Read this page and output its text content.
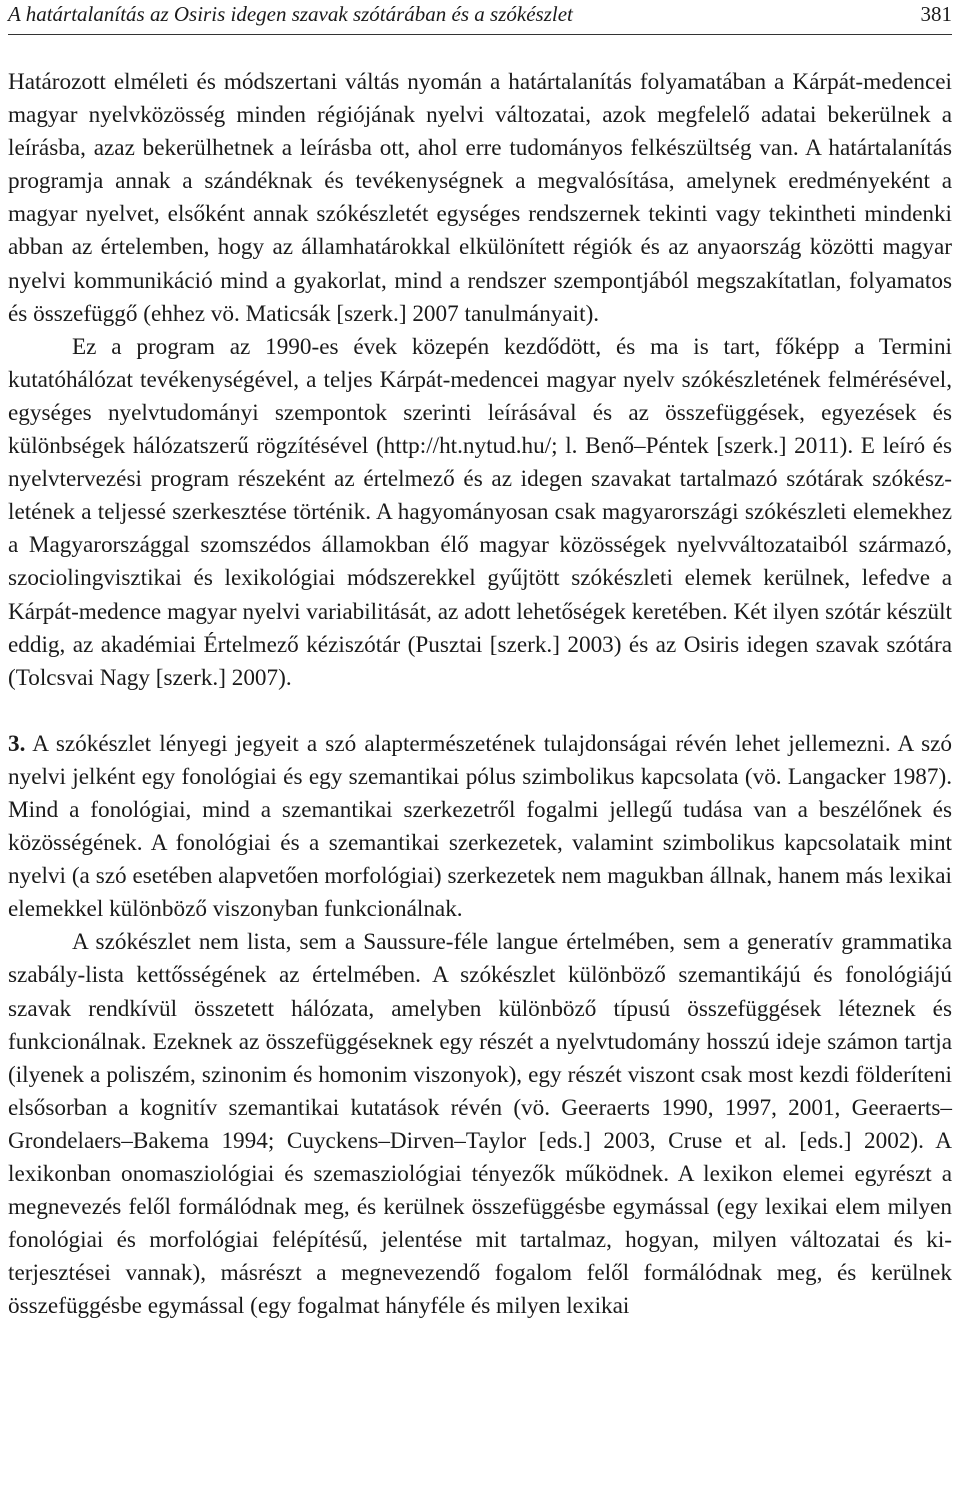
A határtalanítás az Osiris idegen szavak szótárában és a szókészlet	381

Határozott elméleti és módszertani váltás nyomán a határtalanítás folyamatában a Kárpát-medencei magyar nyelvközösség minden régiójának nyelvi változatai, azok megfelelő adatai bekerülnek a leírásba, azaz bekerülhetnek a leírásba ott, ahol erre tudományos felkészültség van. A határtalanítás programja annak a szándéknak és tevékenységnek a megvalósítása, amelynek eredményeként a magyar nyelvet, elsőként annak szókészletét egységes rendszernek tekinti vagy tekintheti mindenki abban az értelemben, hogy az államhatárokkal elkülönített régiók és az anyaország közötti magyar nyelvi kommunikáció mind a gyakorlat, mind a rendszer szempontjából megszakítatlan, folyamatos és összefüggő (ehhez vö. Maticsák [szerk.] 2007 tanulmányait).

Ez a program az 1990-es évek közepén kezdődött, és ma is tart, főképp a Termini kutatóhálózat tevékenységével, a teljes Kárpát-medencei magyar nyelv szókészletének felmérésével, egységes nyelvtudományi szempontok szerinti leírásával és az összefüggések, egyezések és különbségek hálózatszerű rögzítésével (http://ht.nytud.hu/; l. Benő–Péntek [szerk.] 2011). E leíró és nyelvtervezési program részeként az értelmező és az idegen szavakat tartalmazó szótárak szókészletének a teljessé szerkesztése történik. A hagyományosan csak magyarországi szókészleti elemekhez a Magyarországgal szomszédos államokban élő magyar közösségek nyelvváltozataiból származó, szociolingvisztikai és lexikológiai módszerekkel gyűjtött szókészleti elemek kerülnek, lefedve a Kárpát-medence magyar nyelvi variabilitását, az adott lehetőségek keretében. Két ilyen szótár készült eddig, az akadémiai Értelmező kéziszótár (Pusztai [szerk.] 2003) és az Osiris idegen szavak szótára (Tolcsvai Nagy [szerk.] 2007).

3. A szókészlet lényegi jegyeit a szó alaptermészetének tulajdonságai révén lehet jellemezni. A szó nyelvi jelként egy fonológiai és egy szemantikai pólus szimbolikus kapcsolata (vö. Langacker 1987). Mind a fonológiai, mind a szemantikai szerkezetről fogalmi jellegű tudása van a beszélőnek és közösségének. A fonológiai és a szemantikai szerkezetek, valamint szimbolikus kapcsolataik mint nyelvi (a szó esetében alapvetően morfológiai) szerkezetek nem magukban állnak, hanem más lexikai elemekkel különböző viszonyban funkcionálnak.

A szókészlet nem lista, sem a Saussure-féle langue értelmében, sem a generatív grammatika szabály-lista kettősségének az értelmében. A szókészlet különböző szemantikájú és fonológiájú szavak rendkívül összetett hálózata, amelyben különböző típusú összefüggések léteznek és funkcionálnak. Ezeknek az összefüggéseknek egy részét a nyelvtudomány hosszú ideje számon tartja (ilyenek a poliszém, szinonim és homonim viszonyok), egy részét viszont csak most kezdi földeríteni elsősorban a kognitív szemantikai kutatások révén (vö. Geeraerts 1990, 1997, 2001, Geeraerts–Grondelaers–Bakema 1994; Cuyckens–Dirven–Taylor [eds.] 2003, Cruse et al. [eds.] 2002). A lexikonban onomasziológiai és szemasziológiai tényezők működnek. A lexikon elemei egyrészt a megnevezés felől formálódnak meg, és kerülnek összefüggésbe egymással (egy lexikai elem milyen fonológiai és morfológiai felépítésű, jelentése mit tartalmaz, hogyan, milyen változatai és kiterjesztései vannak), másrészt a megnevezendő fogalom felől formálódnak meg, és kerülnek összefüggésbe egymással (egy fogalmat hányféle és milyen lexikai
